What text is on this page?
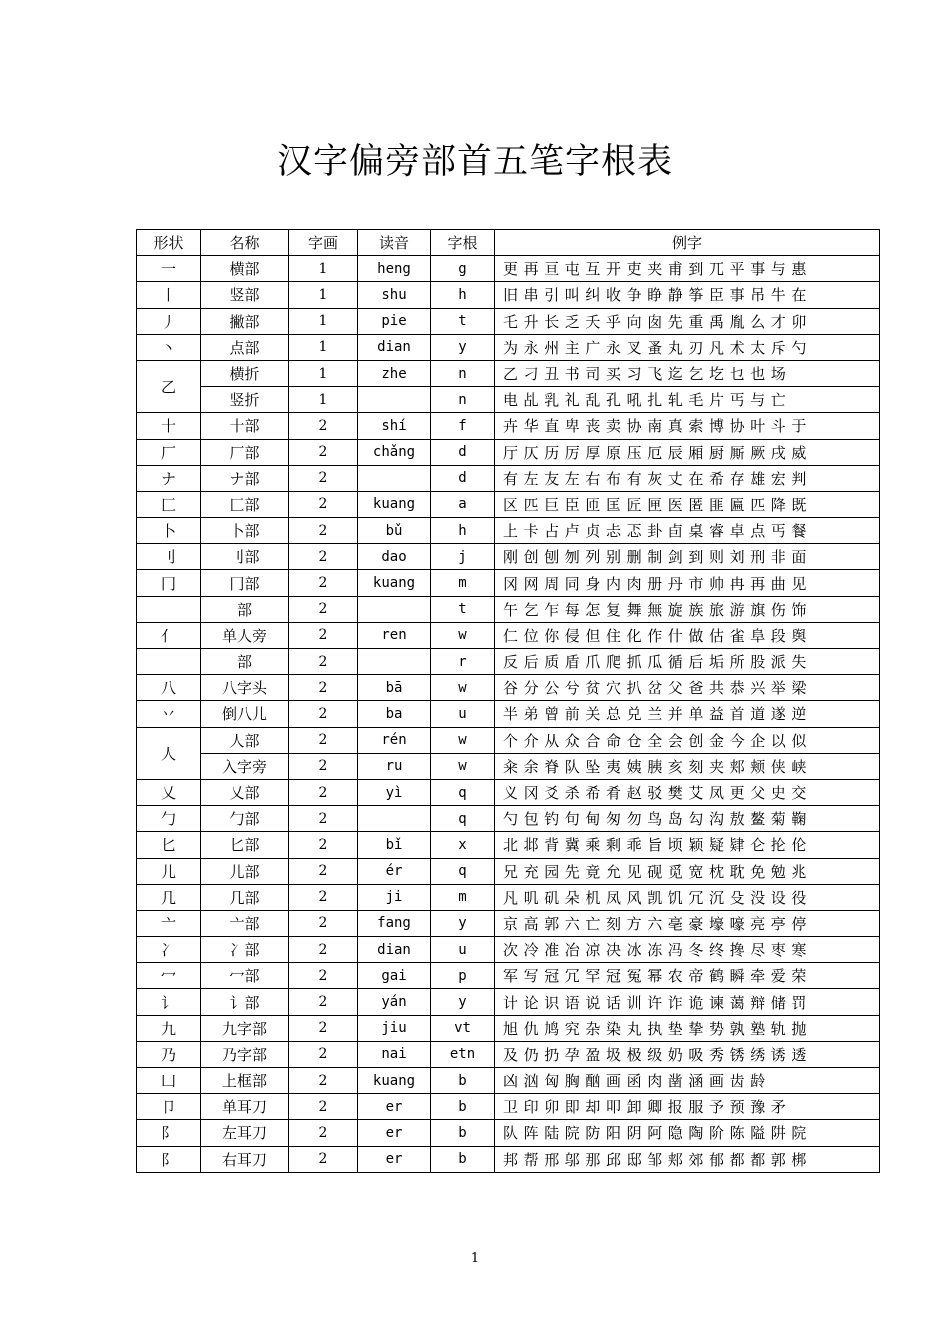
汉字偏旁部首五笔字根表
形状	名称	字画	读音	字根	例字
一	横部	1	heng	g	更再亘屯互开吏夹甫到兀平事与惠
丨	竖部	1	shu	h	旧串引叫纠收争睁静筝臣事吊牛在
丿	撇部	1	pie	t	乇升长乏夭乎向囱先重禹胤么才卯
丶	点部	1	dian	y	为永州主广永叉蚤丸刃凡术太斥勺
乙	横折	1	zhe	n	乙刁丑书司买习飞迄乞圪乜也场
	竖折	1		n	电乩乳礼乱孔吼扎轧毛片丐与亡
十	十部	2	shí	f	卉华直卑丧卖协南真索博协叶斗于
厂	厂部	2	chǎng	d	厅仄历厉厚原压厄辰厢厨厮厥戌威
ナ	ナ部	2		d	有左友左右布有灰丈在希存雄宏判
匚	匚部	2	kuang	a	区匹巨臣匝匡匠匣医匿匪匾匹降既
卜	卜部	2	bǔ	h	上卡占卢贞忐忑卦卣桌睿卓点丐餐
刂	刂部	2	dao	j	刚创刨刎列别删制剑到则刘刑非面
冂	冂部	2	kuang	m	冈网周同身内肉册丹市帅冉再曲见
	部	2		t	午乞乍每怎复舞無旋族旅游旗伤饰
亻	单人旁	2	ren	w	仁位你侵但住化作什做估雀阜段舆
	部	2		r	反后质盾爪爬抓瓜循后垢所股派失
八	八字头	2	bā	w	谷分公兮贫穴扒岔父爸共恭兴举梁
丷	倒八儿	2	ba	u	半弟曾前关总兑兰并单益首道遂逆
人	人部	2	rén	w	个介从众合命仓全会创金今企以似
	入字旁	2	ru	w	籴余脊队坠夷姨胰亥刻夹郏颊侠峡
乂	乂部	2	yì	q	义冈爻杀希肴赵驳樊艾凤更父史交
勹	勹部	2		q	勺包钓句甸匆勿鸟岛勾沟敖鳌菊鞠
匕	匕部	2	bǐ	x	北邶背冀乘剩乖旨顷颖疑肄仑抡伦
儿	儿部	2	ér	q	兄充园先竟允见砚觅宽枕耽免勉兆
几	几部	2	ji	m	凡叽矶朵机凤风凯饥冗沉殳没设役
亠	亠部	2	fang	y	京高郭六亡刻方六亳豪壕嚎亮亭停
冫	冫部	2	dian	u	次冷准冶凉决冰冻冯冬终搀尽枣寒
冖	冖部	2	gai	p	军写冠冗罕冠冤幂农帝鹤瞬牵爱荣
讠	讠部	2	yán	y	计论识语说话训许诈诡谏蔼辩储罚
九	九字部	2	jiu	vt	旭仇鸠究杂染丸执垫挚势孰塾轨抛
乃	乃字部	2	nai	etn	及仍扔孕盈圾极级奶吸秀锈绣诱透
凵	上框部	2	kuang	b	凶汹匈胸酗画函肉凿涵画齿龄
卩	单耳刀	2	er	b	卫印卯即却叩卸卿报服予预豫矛
阝	左耳刀	2	er	b	队阵陆院防阳阴阿隐陶阶陈隘阱院
阝	右耳刀	2	er	b	邦帮邢邬那邱邸邹郏郊郁都都郭梆
1
